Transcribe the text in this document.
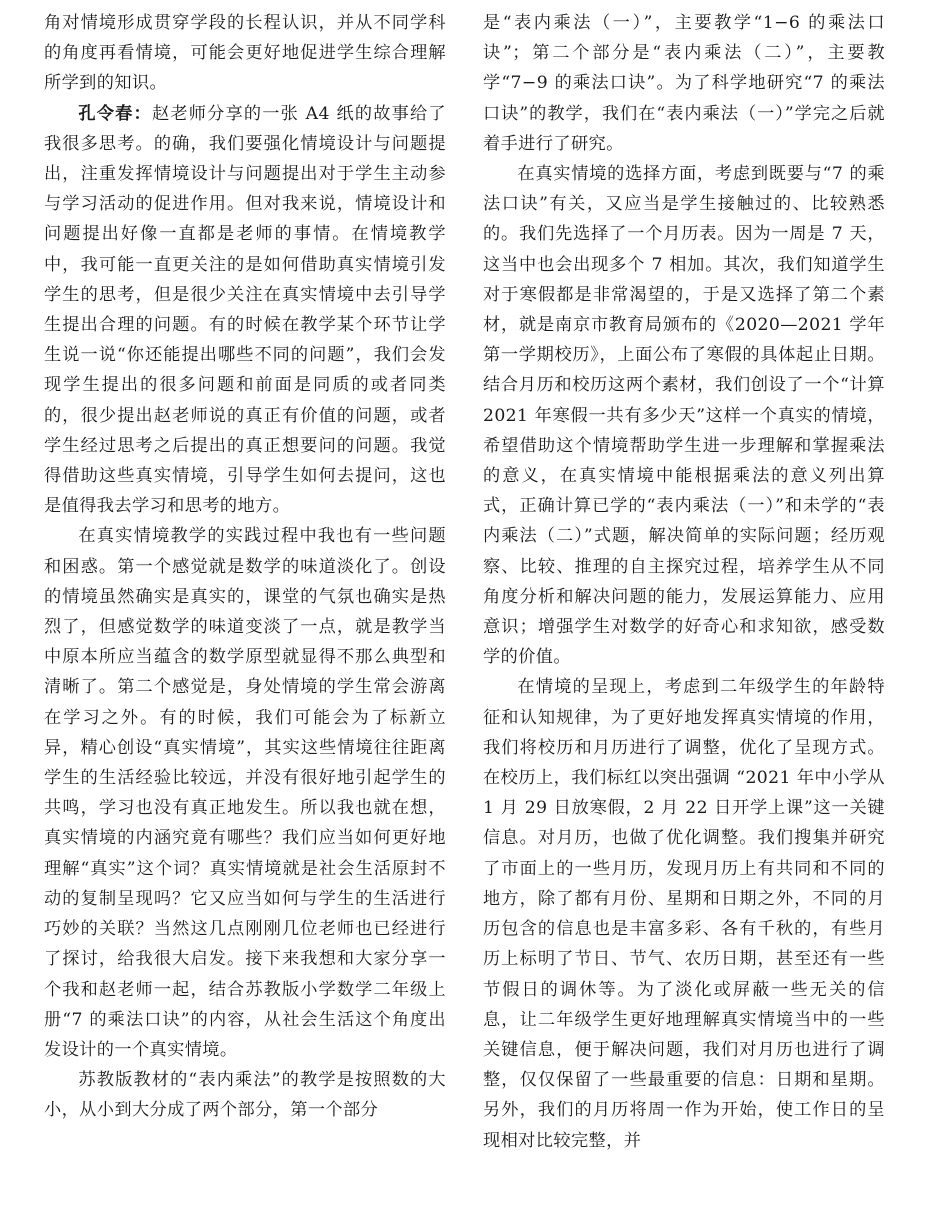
角对情境形成贯穿学段的长程认识，并从不同学科的角度再看情境，可能会更好地促进学生综合理解所学到的知识。

孔令春：赵老师分享的一张 A4 纸的故事给了我很多思考。的确，我们要强化情境设计与问题提出，注重发挥情境设计与问题提出对于学生主动参与学习活动的促进作用。但对我来说，情境设计和问题提出好像一直都是老师的事情。在情境教学中，我可能一直更关注的是如何借助真实情境引发学生的思考，但是很少关注在真实情境中去引导学生提出合理的问题。有的时候在教学某个环节让学生说一说“你还能提出哪些不同的问题”，我们会发现学生提出的很多问题和前面是同质的或者同类的，很少提出赵老师说的真正有价值的问题，或者学生经过思考之后提出的真正想要问的问题。我觉得借助这些真实情境，引导学生如何去提问，这也是值得我去学习和思考的地方。

在真实情境教学的实践过程中我也有一些问题和困惑。第一个感觉就是数学的味道淡化了。创设的情境虽然确实是真实的，课堂的气氛也确实是热烈了，但感觉数学的味道变淡了一点，就是教学当中原本所应当蕴含的数学原型就显得不那么典型和清晰了。第二个感觉是，身处情境的学生常会游离在学习之外。有的时候，我们可能会为了标新立异，精心创设“真实情境”，其实这些情境往往距离学生的生活经验比较远，并没有很好地引起学生的共鸣，学习也没有真正地发生。所以我也就在想，真实情境的内涵究竟有哪些？我们应当如何更好地理解“真实”这个词？真实情境就是社会生活原封不动的复制呈现吗？它又应当如何与学生的生活进行巧妙的关联？当然这几点刚刚几位老师也已经进行了探讨，给我很大启发。接下来我想和大家分享一个我和赵老师一起，结合苏教版小学数学二年级上册“7 的乘法口诀”的内容，从社会生活这个角度出发设计的一个真实情境。

苏教版教材的“表内乘法”的教学是按照数的大小，从小到大分成了两个部分，第一个部分

是“表内乘法（一）”，主要教学“1−6 的乘法口诀”；第二个部分是“表内乘法（二）”，主要教学“7−9 的乘法口诀”。为了科学地研究“7 的乘法口诀”的教学，我们在“表内乘法（一）”学完之后就着手进行了研究。

在真实情境的选择方面，考虑到既要与“7 的乘法口诀”有关，又应当是学生接触过的、比较熟悉的。我们先选择了一个月历表。因为一周是 7 天，这当中也会出现多个 7 相加。其次，我们知道学生对于寒假都是非常渴望的，于是又选择了第二个素材，就是南京市教育局颁布的《2020—2021 学年第一学期校历》，上面公布了寒假的具体起止日期。结合月历和校历这两个素材，我们创设了一个“计算 2021 年寒假一共有多少天”这样一个真实的情境，希望借助这个情境帮助学生进一步理解和掌握乘法的意义，在真实情境中能根据乘法的意义列出算式，正确计算已学的“表内乘法（一）”和未学的“表内乘法（二）”式题，解决简单的实际问题；经历观察、比较、推理的自主探究过程，培养学生从不同角度分析和解决问题的能力，发展运算能力、应用意识；增强学生对数学的好奇心和求知欲，感受数学的价值。

在情境的呈现上，考虑到二年级学生的年龄特征和认知规律，为了更好地发挥真实情境的作用，我们将校历和月历进行了调整，优化了呈现方式。在校历上，我们标红以突出强调 “2021 年中小学从 1 月 29 日放寒假，2 月 22 日开学上课”这一关键信息。对月历，也做了优化调整。我们搜集并研究了市面上的一些月历，发现月历上有共同和不同的地方，除了都有月份、星期和日期之外，不同的月历包含的信息也是丰富多彩、各有千秋的，有些月历上标明了节日、节气、农历日期，甚至还有一些节假日的调休等。为了淡化或屏蔽一些无关的信息，让二年级学生更好地理解真实情境当中的一些关键信息，便于解决问题，我们对月历也进行了调整，仅仅保留了一些最重要的信息：日期和星期。另外，我们的月历将周一作为开始，使工作日的呈现相对比较完整，并
